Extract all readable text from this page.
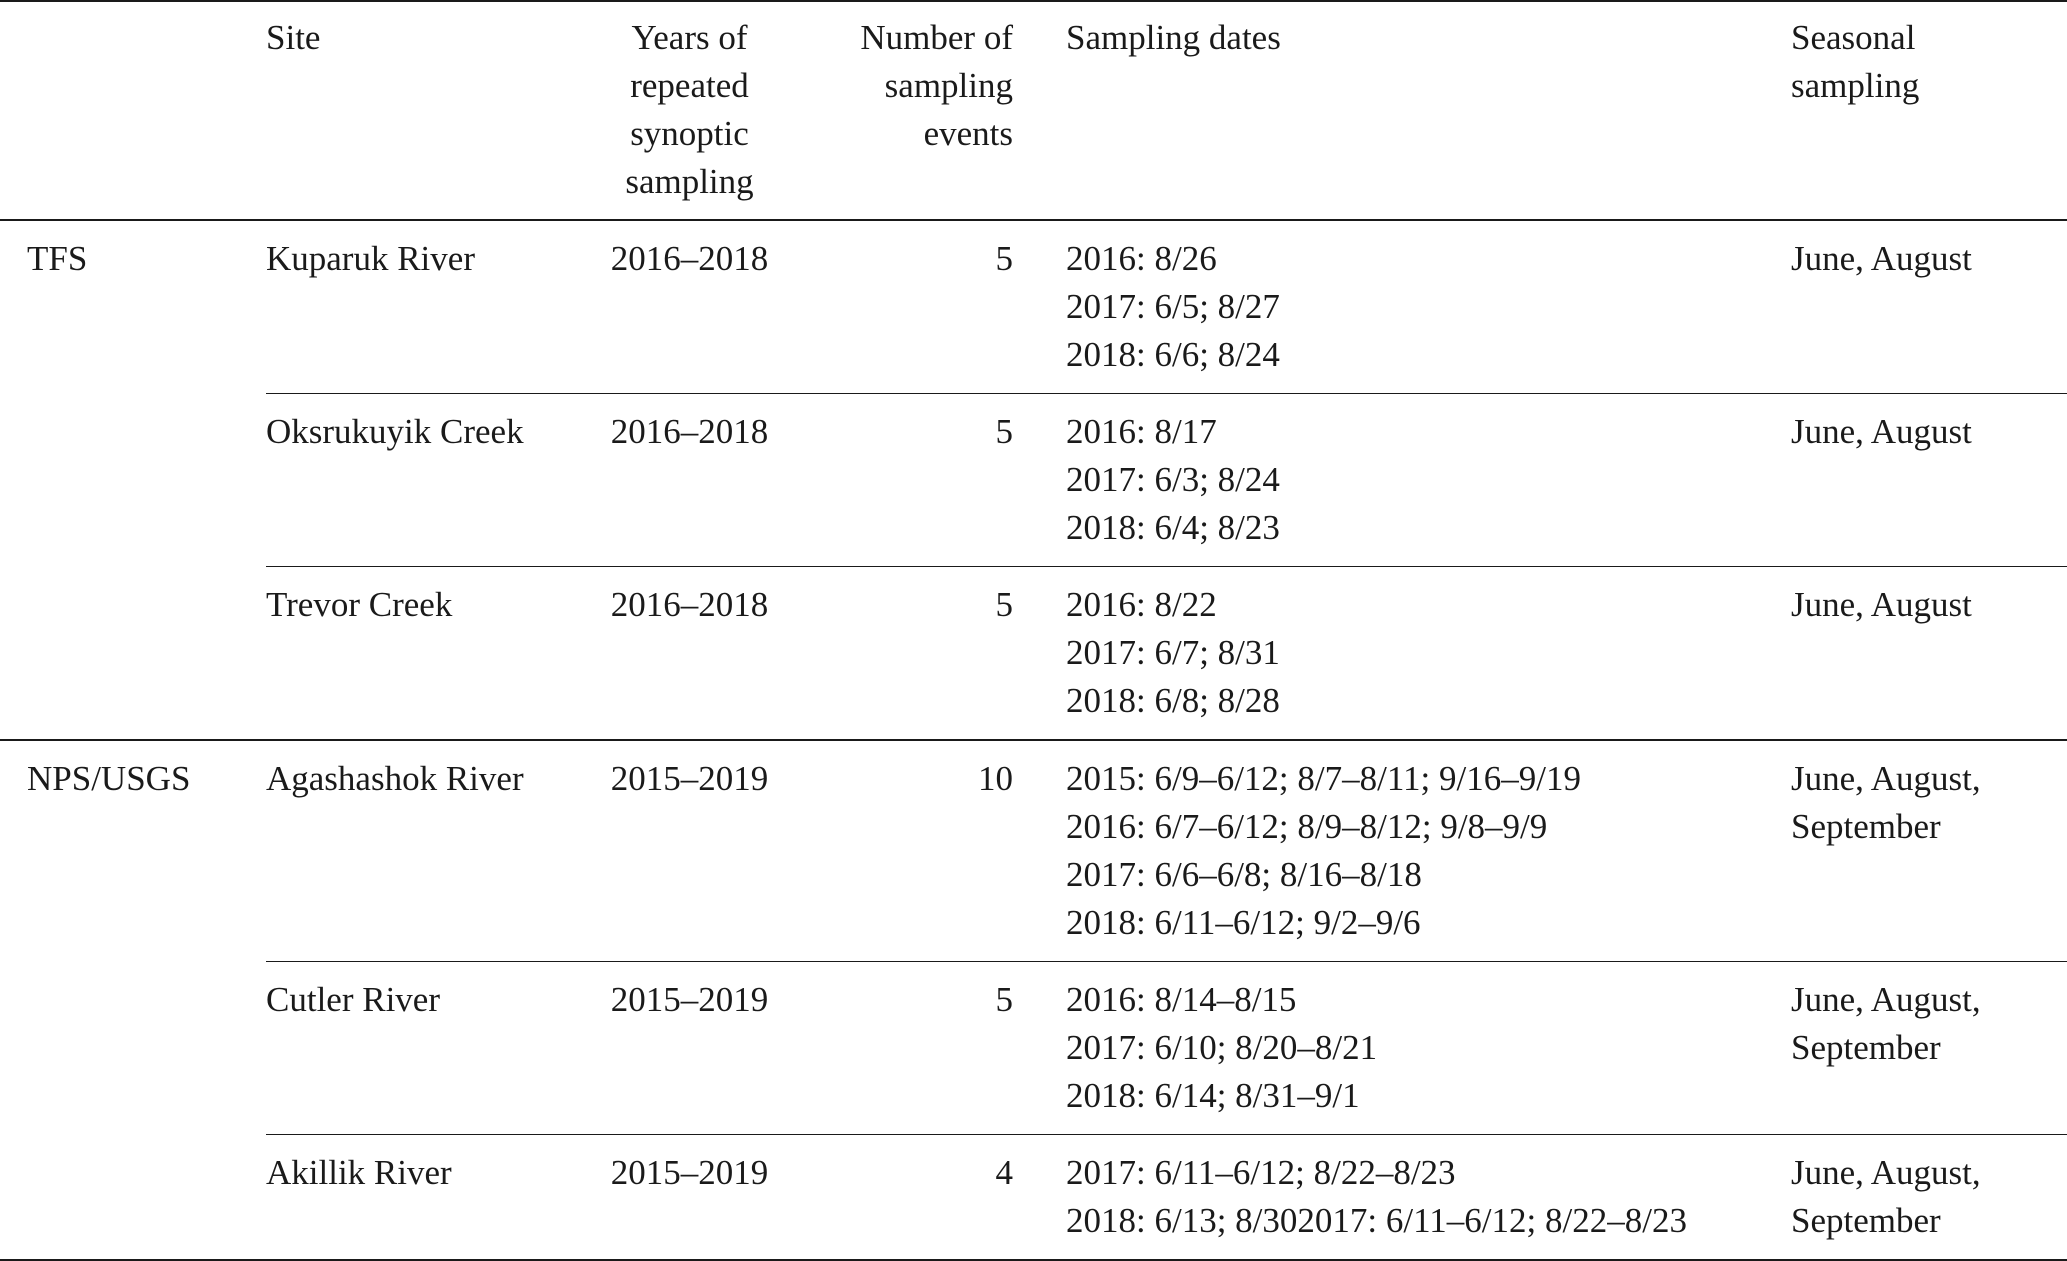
	Site	Years of
repeated
synoptic
sampling	Number of
sampling
events	Sampling dates	Seasonal
sampling

TFS	Kuparuk River	2016–2018	5	2016: 8/26
2017: 6/5; 8/27
2018: 6/6; 8/24	June, August

	Oksrukuyik Creek	2016–2018	5	2016: 8/17
2017: 6/3; 8/24
2018: 6/4; 8/23	June, August

	Trevor Creek	2016–2018	5	2016: 8/22
2017: 6/7; 8/31
2018: 6/8; 8/28	June, August

NPS/USGS	Agashashok River	2015–2019	10	2015: 6/9–6/12; 8/7–8/11; 9/16–9/19
2016: 6/7–6/12; 8/9–8/12; 9/8–9/9
2017: 6/6–6/8; 8/16–8/18
2018: 6/11–6/12; 9/2–9/6	June, August,
September

	Cutler River	2015–2019	5	2016: 8/14–8/15
2017: 6/10; 8/20–8/21
2018: 6/14; 8/31–9/1	June, August,
September

	Akillik River	2015–2019	4	2017: 6/11–6/12; 8/22–8/23
2018: 6/13; 8/302017: 6/11–6/12; 8/22–8/23	June, August,
September
